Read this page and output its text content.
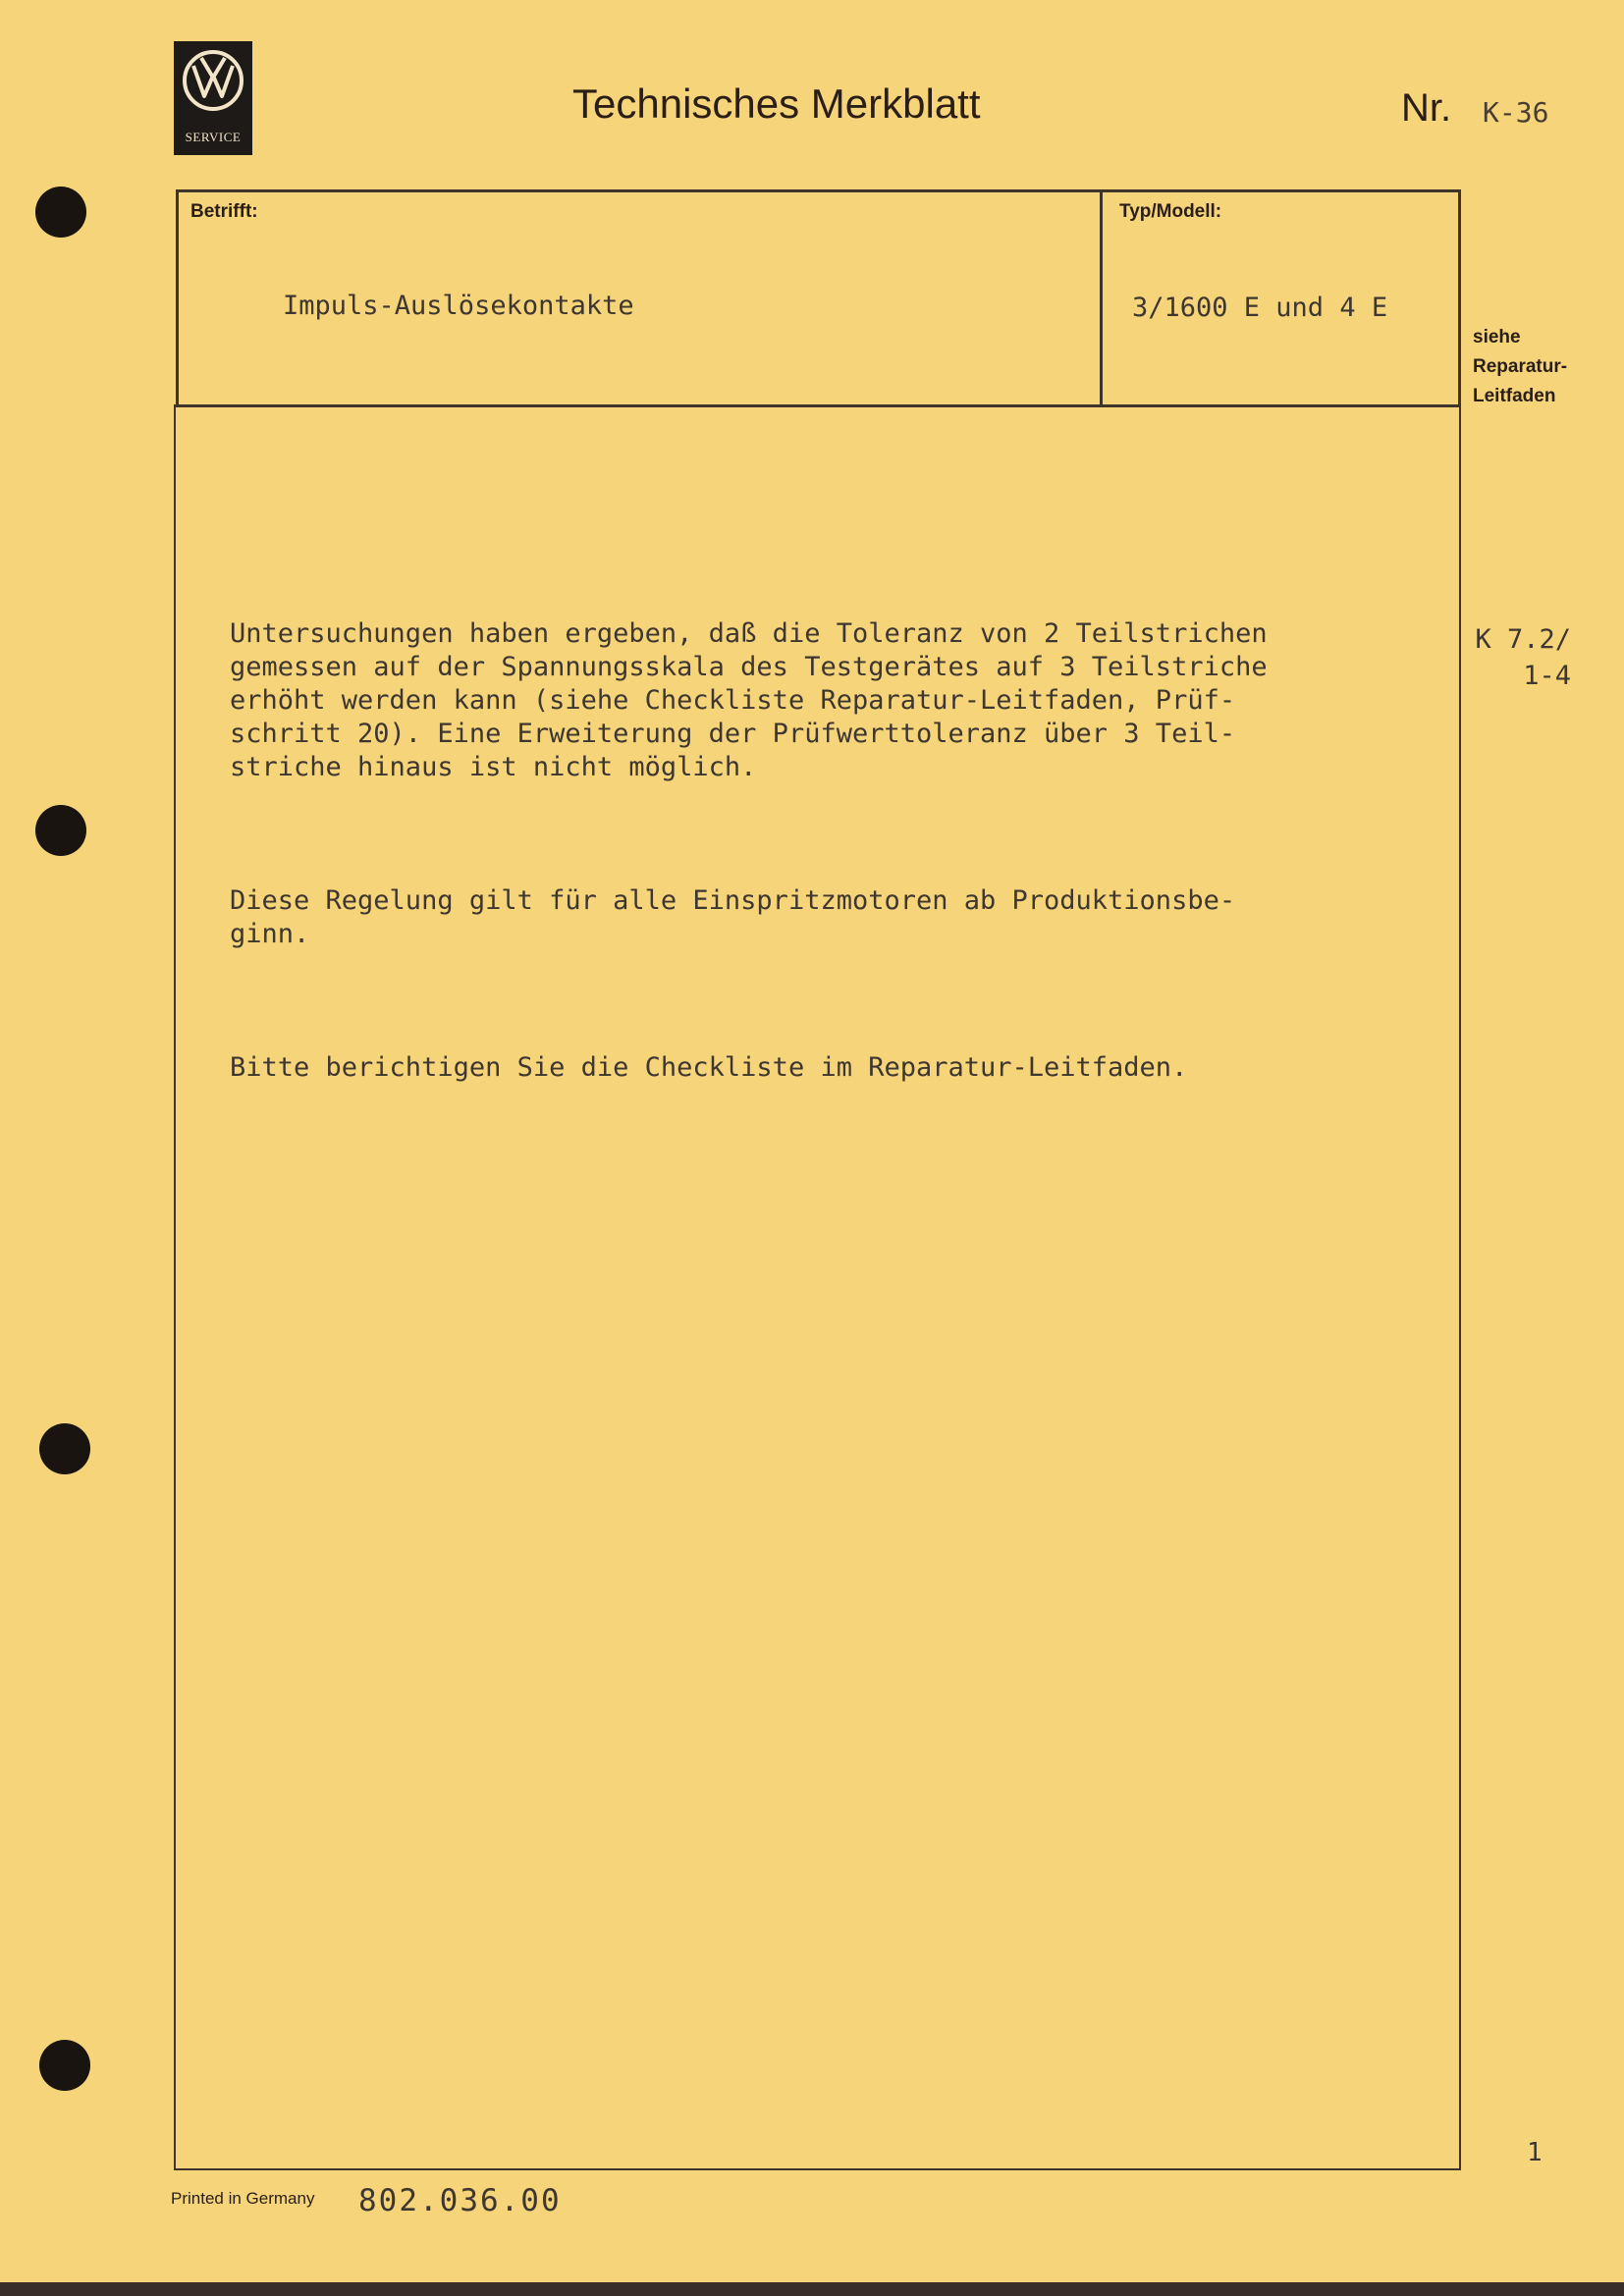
SERVICE
Technisches Merkblatt	Nr. K-36
Betrifft:
Impuls-Auslösekontakte
Typ/Modell:
3/1600 E und 4 E
siehe
Reparatur-
Leitfaden

Untersuchungen haben ergeben, daß die Toleranz von 2 Teilstrichen
gemessen auf der Spannungsskala des Testgerätes auf 3 Teilstriche
erhöht werden kann (siehe Checkliste Reparatur-Leitfaden, Prüf-
schritt 20). Eine Erweiterung der Prüfwerttoleranz über 3 Teil-
striche hinaus ist nicht möglich.

Diese Regelung gilt für alle Einspritzmotoren ab Produktionsbe-
ginn.

Bitte berichtigen Sie die Checkliste im Reparatur-Leitfaden.

K 7.2/
1-4
1
Printed in Germany 802.036.00
